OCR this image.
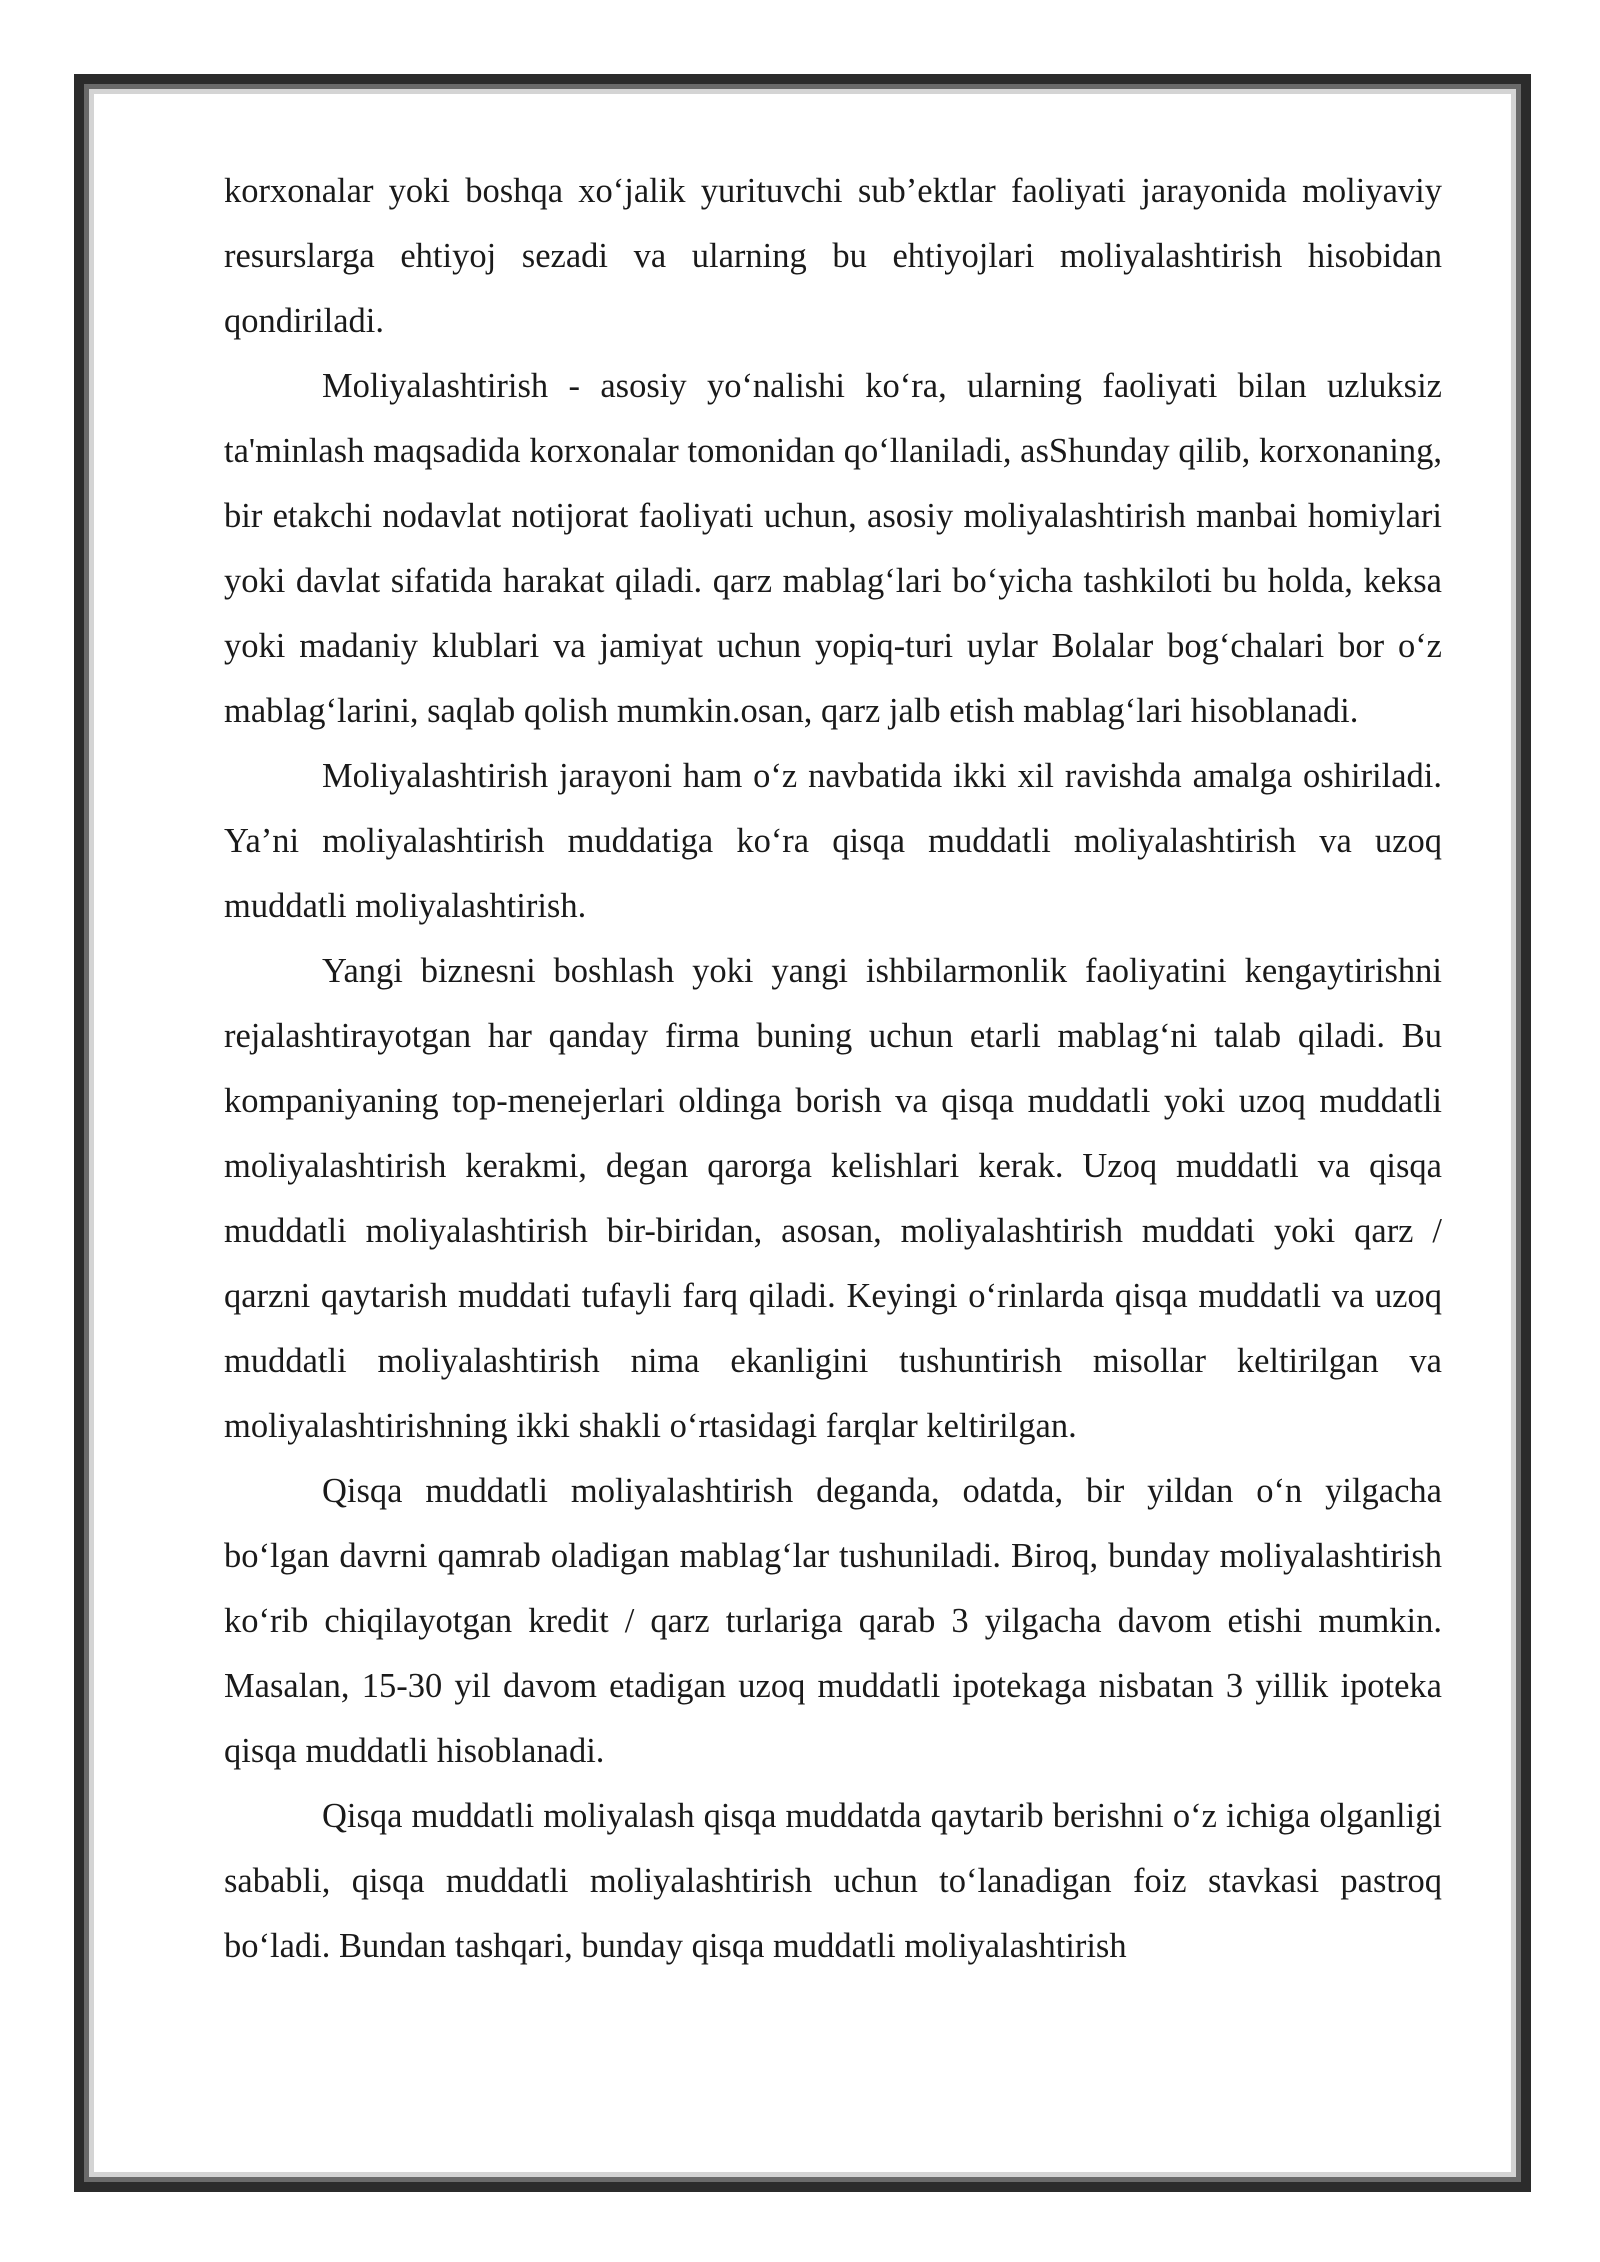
korxonalar yoki boshqa xo‘jalik yurituvchi sub’ektlar faoliyati jarayonida moliyaviy resurslarga ehtiyoj sezadi va ularning bu ehtiyojlari moliyalashtirish hisobidan qondiriladi.

Moliyalashtirish - asosiy yo‘nalishi ko‘ra, ularning faoliyati bilan uzluksiz ta'minlash maqsadida korxonalar tomonidan qo‘llaniladi, asShunday qilib, korxonaning, bir etakchi nodavlat notijorat faoliyati uchun, asosiy moliyalashtirish manbai homiylari yoki davlat sifatida harakat qiladi. qarz mablag‘lari bo‘yicha tashkiloti bu holda, keksa yoki madaniy klublari va jamiyat uchun yopiq-turi uylar Bolalar bog‘chalari bor o‘z mablag‘larini, saqlab qolish mumkin.osan, qarz jalb etish mablag‘lari hisoblanadi.

Moliyalashtirish jarayoni ham o‘z navbatida ikki xil ravishda amalga oshiriladi. Ya’ni moliyalashtirish muddatiga ko‘ra qisqa muddatli moliyalashtirish va uzoq muddatli moliyalashtirish.

Yangi biznesni boshlash yoki yangi ishbilarmonlik faoliyatini kengaytirishni rejalashtirayotgan har qanday firma buning uchun etarli mablag‘ni talab qiladi. Bu kompaniyaning top-menejerlari oldinga borish va qisqa muddatli yoki uzoq muddatli moliyalashtirish kerakmi, degan qarorga kelishlari kerak. Uzoq muddatli va qisqa muddatli moliyalashtirish bir-biridan, asosan, moliyalashtirish muddati yoki qarz / qarzni qaytarish muddati tufayli farq qiladi. Keyingi o‘rinlarda qisqa muddatli va uzoq muddatli moliyalashtirish nima ekanligini tushuntirish misollar keltirilgan va moliyalashtirishning ikki shakli o‘rtasidagi farqlar keltirilgan.

Qisqa muddatli moliyalashtirish deganda, odatda, bir yildan o‘n yilgacha bo‘lgan davrni qamrab oladigan mablag‘lar tushuniladi. Biroq, bunday moliyalashtirish ko‘rib chiqilayotgan kredit / qarz turlariga qarab 3 yilgacha davom etishi mumkin. Masalan, 15-30 yil davom etadigan uzoq muddatli ipotekaga nisbatan 3 yillik ipoteka qisqa muddatli hisoblanadi.

Qisqa muddatli moliyalash qisqa muddatda qaytarib berishni o‘z ichiga olganligi sababli, qisqa muddatli moliyalashtirish uchun to‘lanadigan foiz stavkasi pastroq bo‘ladi. Bundan tashqari, bunday qisqa muddatli moliyalashtirish
